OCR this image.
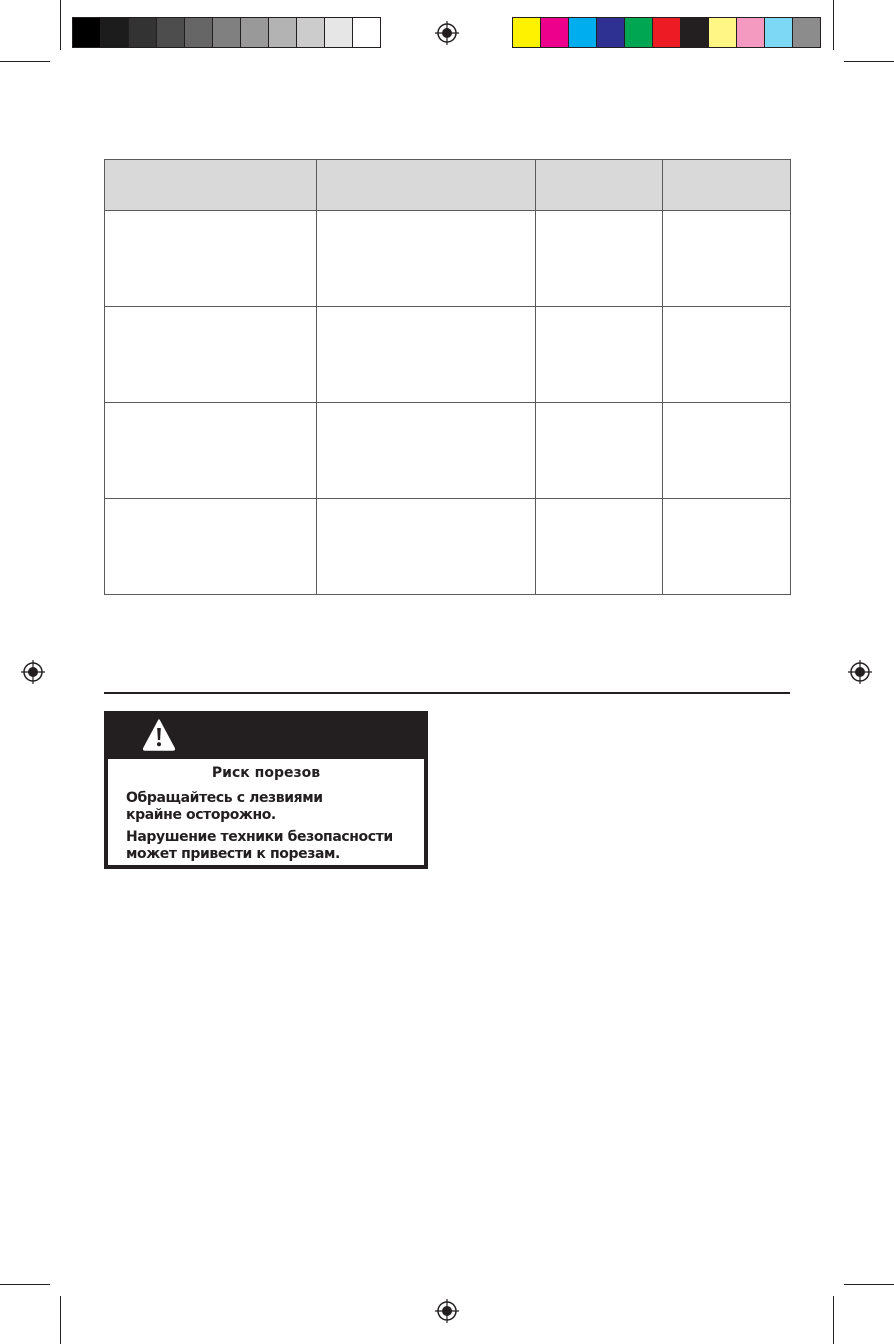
Риск порезов
Обращайтесь с лезвиями
крайне осторожно.
Нарушение техники безопасности
может привести к порезам.
